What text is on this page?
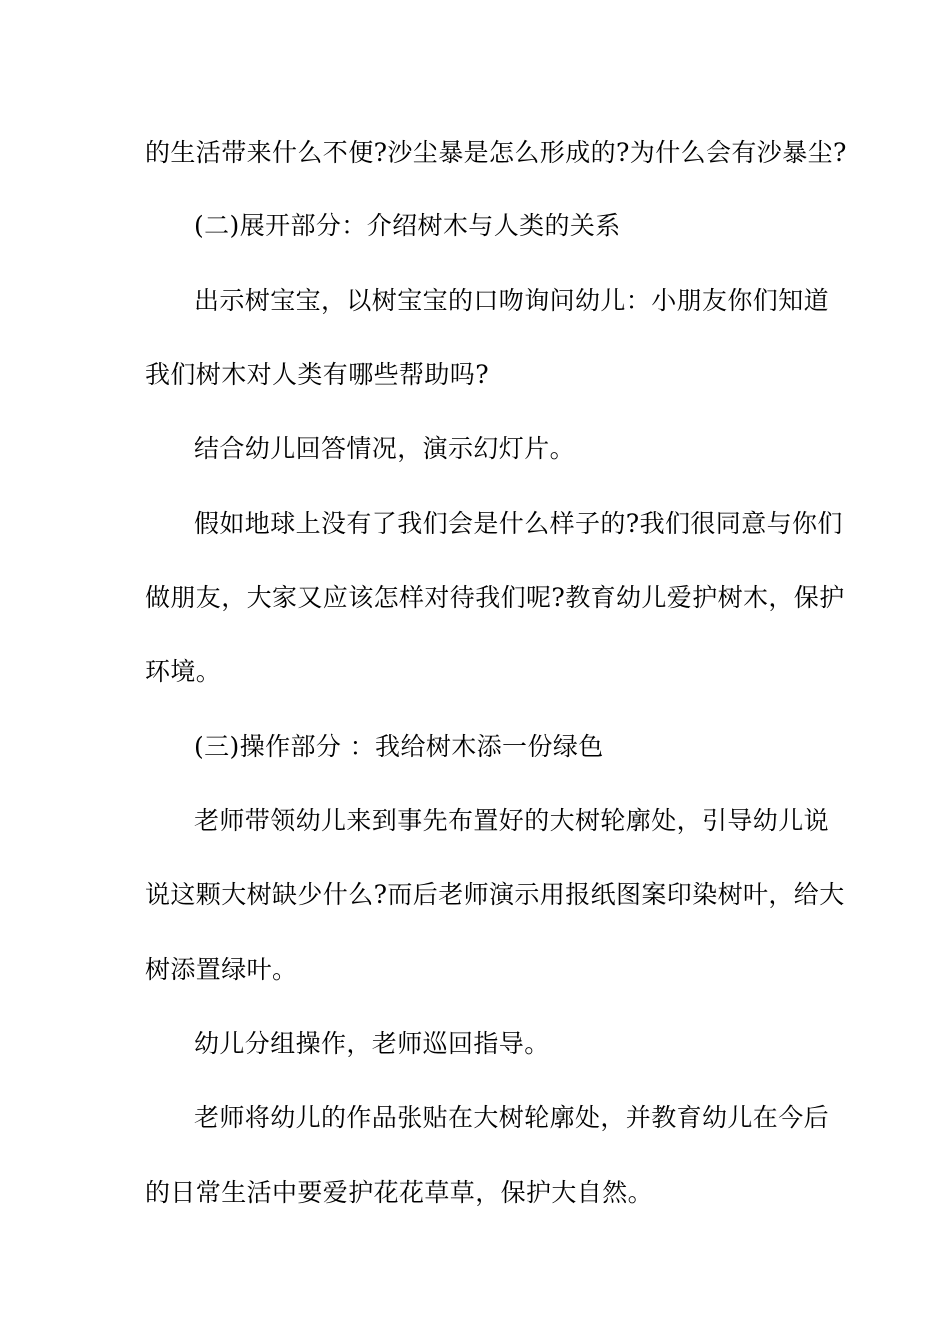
的生活带来什么不便?沙尘暴是怎么形成的?为什么会有沙暴尘?
(二)展开部分：介绍树木与人类的关系
出示树宝宝，以树宝宝的口吻询问幼儿：小朋友你们知道
我们树木对人类有哪些帮助吗?
结合幼儿回答情况，演示幻灯片。
假如地球上没有了我们会是什么样子的?我们很同意与你们
做朋友，大家又应该怎样对待我们呢?教育幼儿爱护树木，保护
环境。
(三)操作部分 ：我给树木添一份绿色
老师带领幼儿来到事先布置好的大树轮廓处，引导幼儿说
说这颗大树缺少什么?而后老师演示用报纸图案印染树叶，给大
树添置绿叶。
幼儿分组操作，老师巡回指导。
老师将幼儿的作品张贴在大树轮廓处，并教育幼儿在今后
的日常生活中要爱护花花草草，保护大自然。
